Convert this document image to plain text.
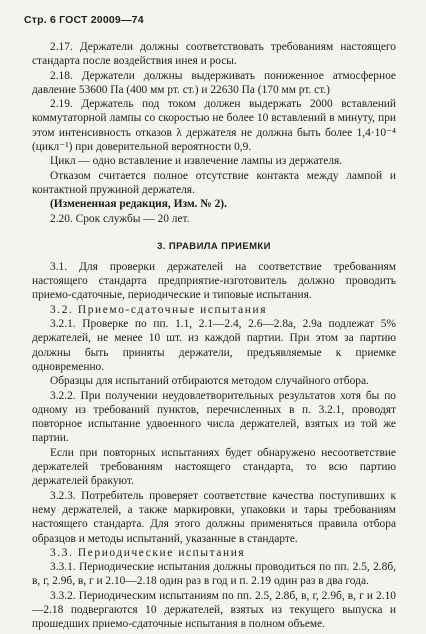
Стр. 6 ГОСТ 20009—74

2.17. Держатели должны соответствовать требованиям настоящего стандарта после воздействия инея и росы.

2.18. Держатели должны выдерживать пониженное атмосферное давление 53600 Па (400 мм рт. ст.) и 22630 Па (170 мм рт. ст.)

2.19. Держатель под током должен выдержать 2000 вставлений коммутаторной лампы со скоростью не более 10 вставлений в минуту, при этом интенсивность отказов λ держателя не должна быть более 1,4·10⁻⁴ (цикл⁻¹) при доверительной вероятности 0,9.

Цикл — одно вставление и извлечение лампы из держателя.

Отказом считается полное отсутствие контакта между лампой и контактной пружиной держателя.

(Измененная редакция, Изм. № 2).

2.20. Срок службы — 20 лет.

3. ПРАВИЛА ПРИЕМКИ

3.1. Для проверки держателей на соответствие требованиям настоящего стандарта предприятие-изготовитель должно проводить приемо-сдаточные, периодические и типовые испытания.

3.2. Приемо-сдаточные испытания

3.2.1. Проверке по пп. 1.1, 2.1—2.4, 2.6—2.8а, 2.9а подлежат 5% держателей, не менее 10 шт. из каждой партии. При этом за партию должны быть приняты держатели, предъявляемые к приемке одновременно.

Образцы для испытаний отбираются методом случайного отбора.

3.2.2. При получении неудовлетворительных результатов хотя бы по одному из требований пунктов, перечисленных в п. 3.2.1, проводят повторное испытание удвоенного числа держателей, взятых из той же партии.

Если при повторных испытаниях будет обнаружено несоответствие держателей требованиям настоящего стандарта, то всю партию держателей бракуют.

3.2.3. Потребитель проверяет соответствие качества поступивших к нему держателей, а также маркировки, упаковки и тары требованиям настоящего стандарта. Для этого должны применяться правила отбора образцов и методы испытаний, указанные в стандарте.

3.3. Периодические испытания

3.3.1. Периодические испытания должны проводиться по пп. 2.5, 2.8б, в, г, 2.9б, в, г и 2.10—2.18 один раз в год и п. 2.19 один раз в два года.

3.3.2. Периодическим испытаниям по пп. 2.5, 2.8б, в, г, 2.9б, в, г и 2.10—2.18 подвергаются 10 держателей, взятых из текущего выпуска и прошедших приемо-сдаточные испытания в полном объеме.
